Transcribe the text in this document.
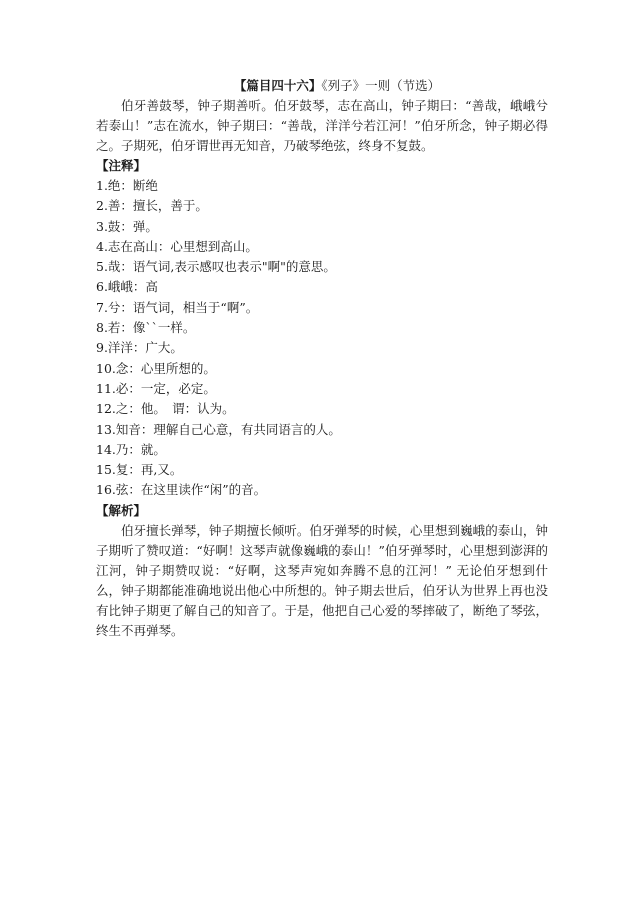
【篇目四十六】《列子》一则（节选）

伯牙善鼓琴，钟子期善听。伯牙鼓琴，志在高山，钟子期曰：“善哉，峨峨兮若泰山！”志在流水，钟子期曰：“善哉，洋洋兮若江河！”伯牙所念，钟子期必得之。子期死，伯牙谓世再无知音，乃破琴绝弦，终身不复鼓。

【注释】

1.绝：断绝
2.善：擅长，善于。
3.鼓：弹。
4.志在高山：心里想到高山。
5.哉：语气词,表示感叹也表示"啊"的意思。
6.峨峨：高
7.兮：语气词，相当于“啊”。
8.若：像``一样。
9.洋洋：广大。
10.念：心里所想的。
11.必：一定，必定。
12.之：他。　谓：认为。
13.知音：理解自己心意，有共同语言的人。
14.乃：就。
15.复：再,又。
16.弦：在这里读作“闲”的音。

【解析】

伯牙擅长弹琴，钟子期擅长倾听。伯牙弹琴的时候，心里想到巍峨的泰山，钟子期听了赞叹道：“好啊！这琴声就像巍峨的泰山！”伯牙弹琴时，心里想到澎湃的江河，钟子期赞叹说：“好啊，这琴声宛如奔腾不息的江河！” 无论伯牙想到什么，钟子期都能准确地说出他心中所想的。钟子期去世后，伯牙认为世界上再也没有比钟子期更了解自己的知音了。于是，他把自己心爱的琴摔破了，断绝了琴弦，终生不再弹琴。
